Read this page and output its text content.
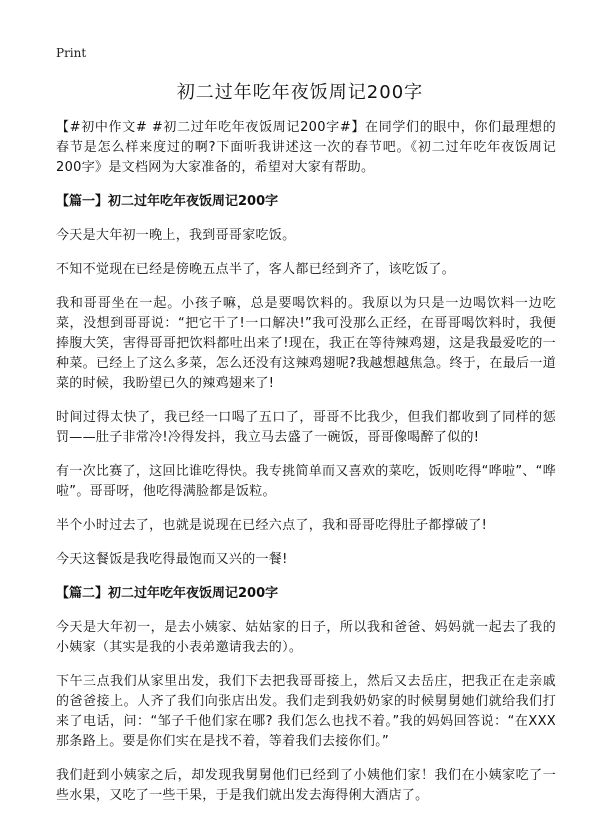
Print
初二过年吃年夜饭周记200字

【#初中作文# #初二过年吃年夜饭周记200字#】在同学们的眼中，你们最理想的春节是怎么样来度过的啊?下面听我讲述这一次的春节吧。《初二过年吃年夜饭周记200字》是文档网为大家准备的，希望对大家有帮助。

【篇一】初二过年吃年夜饭周记200字

今天是大年初一晚上，我到哥哥家吃饭。

不知不觉现在已经是傍晚五点半了，客人都已经到齐了，该吃饭了。

我和哥哥坐在一起。小孩子嘛，总是要喝饮料的。我原以为只是一边喝饮料一边吃菜，没想到哥哥说：“把它干了!一口解决!”我可没那么正经，在哥哥喝饮料时，我便捧腹大笑，害得哥哥把饮料都吐出来了!现在，我正在等待辣鸡翅，这是我最爱吃的一种菜。已经上了这么多菜，怎么还没有这辣鸡翅呢?我越想越焦急。终于，在最后一道菜的时候，我盼望已久的辣鸡翅来了!

时间过得太快了，我已经一口喝了五口了，哥哥不比我少，但我们都收到了同样的惩罚——肚子非常冷!冷得发抖，我立马去盛了一碗饭，哥哥像喝醉了似的!

有一次比赛了，这回比谁吃得快。我专挑简单而又喜欢的菜吃，饭则吃得“哗啦”、“哗啦”。哥哥呀，他吃得满脸都是饭粒。

半个小时过去了，也就是说现在已经六点了，我和哥哥吃得肚子都撑破了!

今天这餐饭是我吃得最饱而又兴的一餐!

【篇二】初二过年吃年夜饭周记200字

今天是大年初一，是去小姨家、姑姑家的日子，所以我和爸爸、妈妈就一起去了我的小姨家（其实是我的小表弟邀请我去的）。

下午三点我们从家里出发，我们下去把我哥哥接上，然后又去岳庄，把我正在走亲戚的爸爸接上。人齐了我们向张店出发。我们走到我奶奶家的时候舅舅她们就给我们打来了电话，问：“邹子千他们家在哪? 我们怎么也找不着。”我的妈妈回答说：“在XXX那条路上。要是你们实在是找不着，等着我们去接你们。”

我们赶到小姨家之后，却发现我舅舅他们已经到了小姨他们家！我们在小姨家吃了一些水果，又吃了一些干果，于是我们就出发去海得俐大酒店了。
